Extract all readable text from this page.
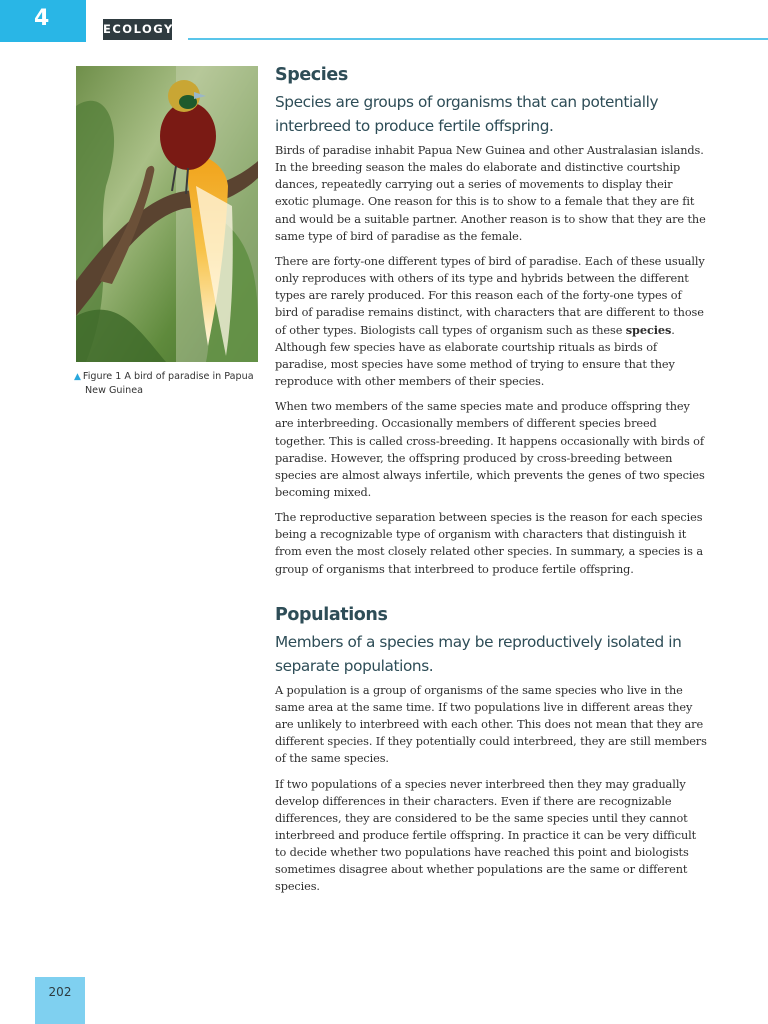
4	ECOLOGY
▲ Figure 1 A bird of paradise in Papua New Guinea
Species
Species are groups of organisms that can potentially interbreed to produce fertile offspring.

Birds of paradise inhabit Papua New Guinea and other Australasian islands. In the breeding season the males do elaborate and distinctive courtship dances, repeatedly carrying out a series of movements to display their exotic plumage. One reason for this is to show to a female that they are fit and would be a suitable partner. Another reason is to show that they are the same type of bird of paradise as the female.

There are forty-one different types of bird of paradise. Each of these usually only reproduces with others of its type and hybrids between the different types are rarely produced. For this reason each of the forty-one types of bird of paradise remains distinct, with characters that are different to those of other types. Biologists call types of organism such as these species. Although few species have as elaborate courtship rituals as birds of paradise, most species have some method of trying to ensure that they reproduce with other members of their species.

When two members of the same species mate and produce offspring they are interbreeding. Occasionally members of different species breed together. This is called cross-breeding. It happens occasionally with birds of paradise. However, the offspring produced by cross-breeding between species are almost always infertile, which prevents the genes of two species becoming mixed.

The reproductive separation between species is the reason for each species being a recognizable type of organism with characters that distinguish it from even the most closely related other species. In summary, a species is a group of organisms that interbreed to produce fertile offspring.

Populations
Members of a species may be reproductively isolated in separate populations.

A population is a group of organisms of the same species who live in the same area at the same time. If two populations live in different areas they are unlikely to interbreed with each other. This does not mean that they are different species. If they potentially could interbreed, they are still members of the same species.

If two populations of a species never interbreed then they may gradually develop differences in their characters. Even if there are recognizable differences, they are considered to be the same species until they cannot interbreed and produce fertile offspring. In practice it can be very difficult to decide whether two populations have reached this point and biologists sometimes disagree about whether populations are the same or different species.

202
